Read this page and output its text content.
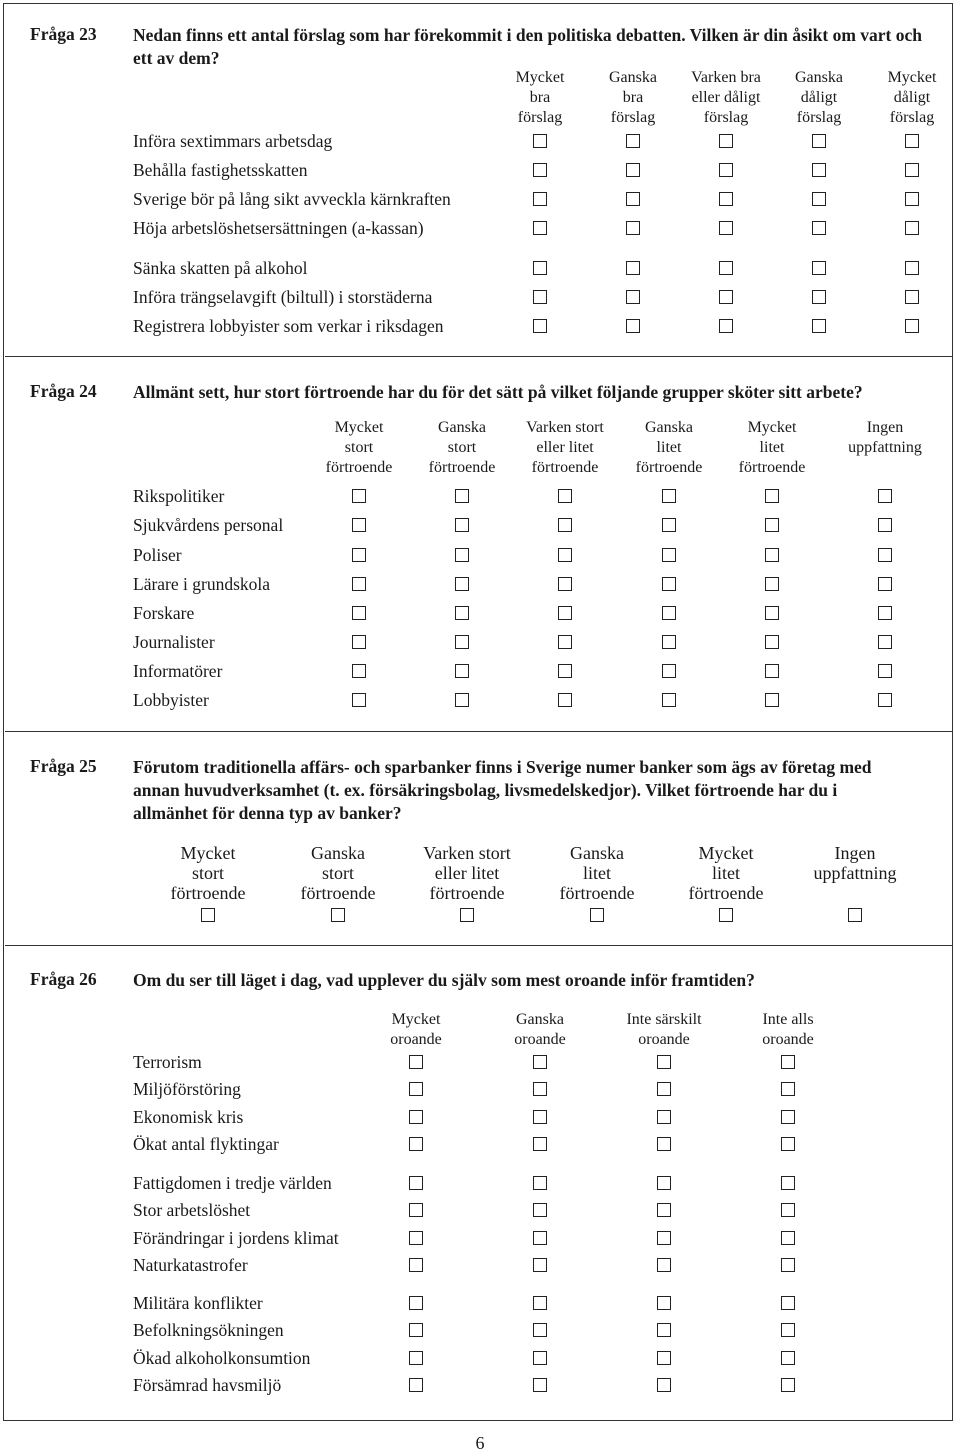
Fråga 23 Nedan finns ett antal förslag som har förekommit i den politiska debatten. Vilken är din åsikt om vart och ett av dem?
Mycket
bra
förslag
Ganska
bra
förslag
Varken bra
eller dåligt
förslag
Ganska
dåligt
förslag
Mycket
dåligt
förslag
Införa sextimmars arbetsdag
Behålla fastighetsskatten
Sverige bör på lång sikt avveckla kärnkraften
Höja arbetslöshetsersättningen (a-kassan)
Sänka skatten på alkohol
Införa trängselavgift (biltull) i storstäderna
Registrera lobbyister som verkar i riksdagen
Fråga 24 Allmänt sett, hur stort förtroende har du för det sätt på vilket följande grupper sköter sitt arbete?
Mycket
stort
förtroende
Ganska
stort
förtroende
Varken stort
eller litet
förtroende
Ganska
litet
förtroende
Mycket
litet
förtroende
Ingen
uppfattning
Rikspolitiker
Sjukvårdens personal
Poliser
Lärare i grundskola
Forskare
Journalister
Informatörer
Lobbyister
Fråga 25 Förutom traditionella affärs- och sparbanker finns i Sverige numer banker som ägs av företag med annan huvudverksamhet (t. ex. försäkringsbolag, livsmedelskedjor). Vilket förtroende har du i allmänhet för denna typ av banker?
Mycket
stort
förtroende
Ganska
stort
förtroende
Varken stort
eller litet
förtroende
Ganska
litet
förtroende
Mycket
litet
förtroende
Ingen
uppfattning
Fråga 26 Om du ser till läget i dag, vad upplever du själv som mest oroande inför framtiden?
Mycket
oroande
Ganska
oroande
Inte särskilt
oroande
Inte alls
oroande
Terrorism
Miljöförstöring
Ekonomisk kris
Ökat antal flyktingar
Fattigdomen i tredje världen
Stor arbetslöshet
Förändringar i jordens klimat
Naturkatastrofer
Militära konflikter
Befolkningsökningen
Ökad alkoholkonsumtion
Försämrad havsmiljö
6
